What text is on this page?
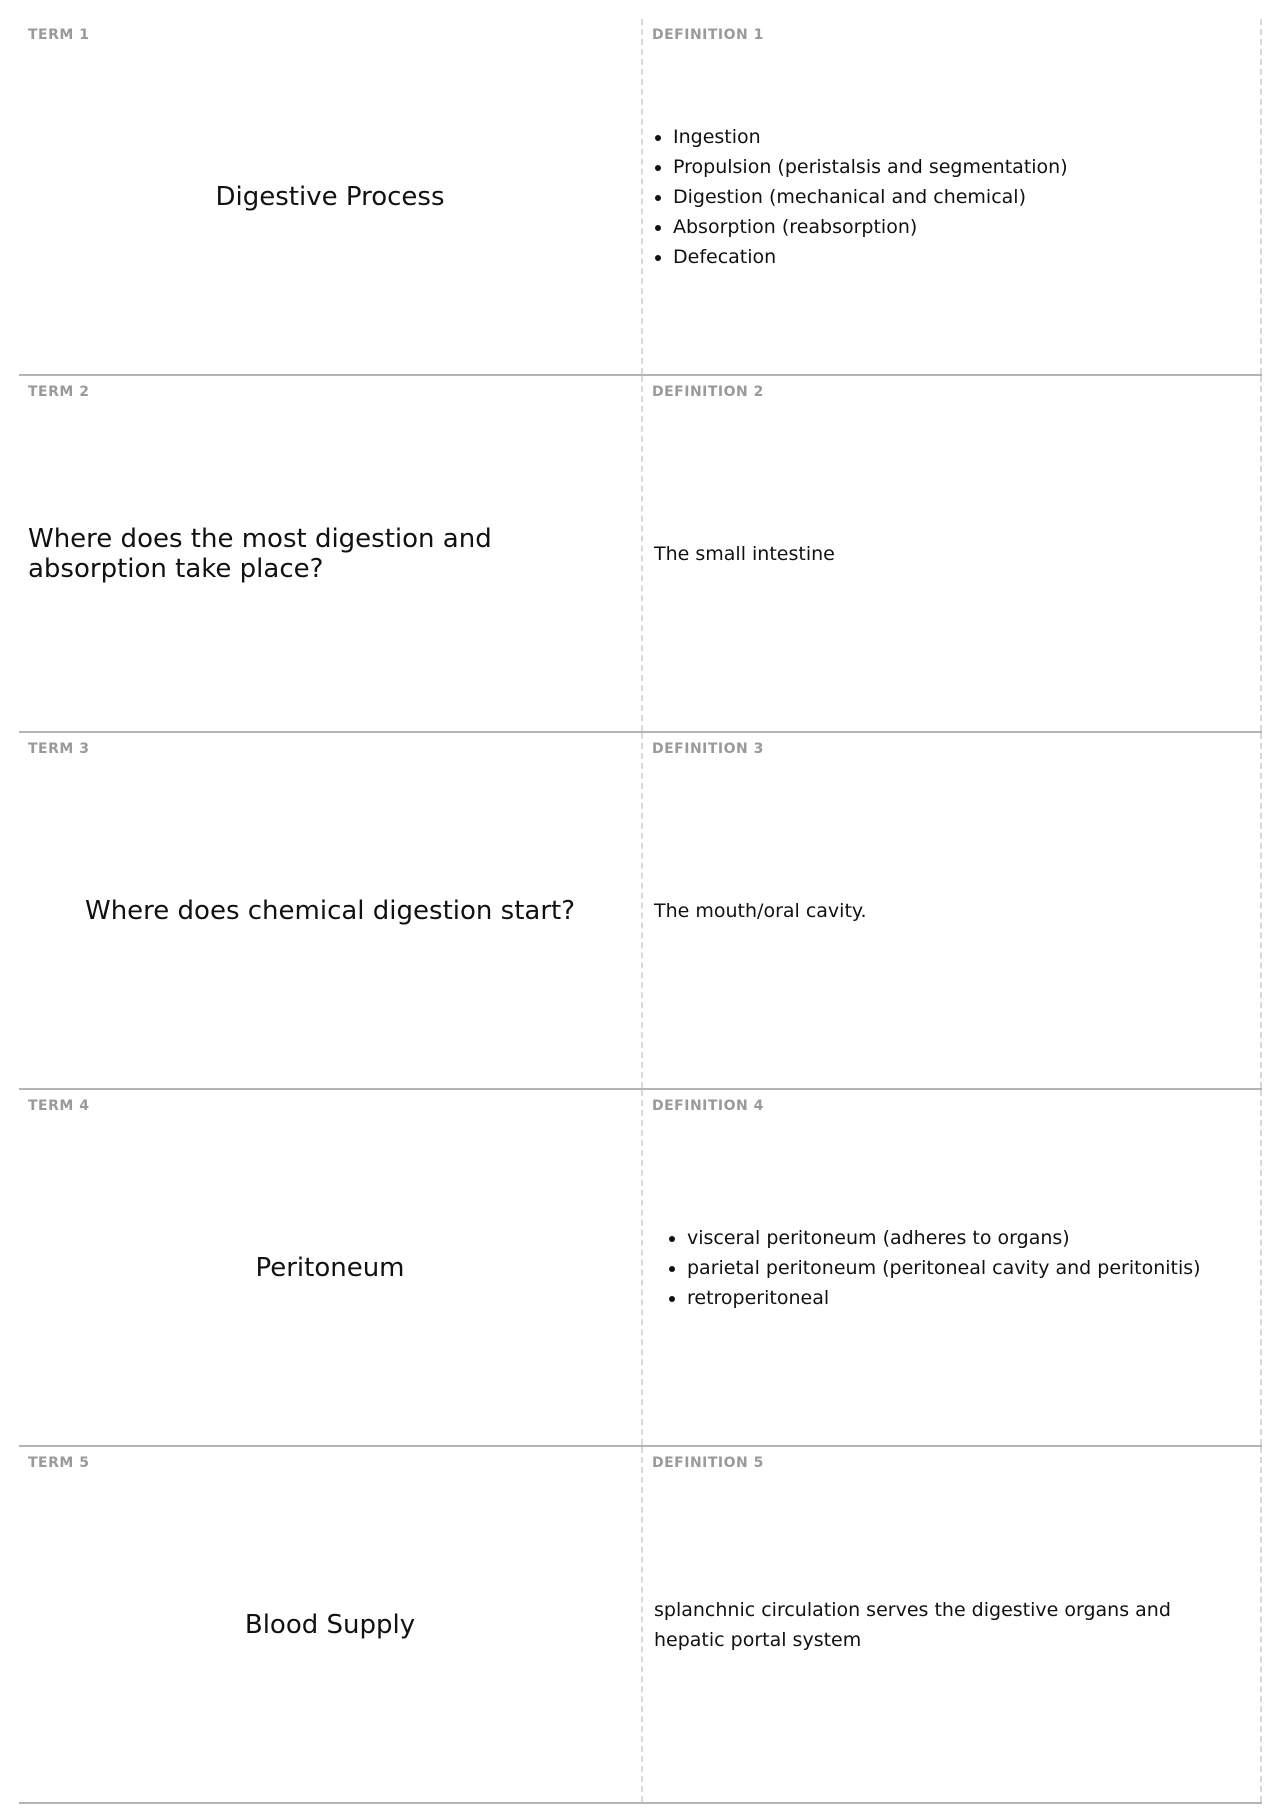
TERM 1
Digestive Process
DEFINITION 1
• Ingestion
• Propulsion (peristalsis and segmentation)
• Digestion (mechanical and chemical)
• Absorption (reabsorption)
• Defecation
TERM 2
Where does the most digestion and absorption take place?
DEFINITION 2
The small intestine
TERM 3
Where does chemical digestion start?
DEFINITION 3
The mouth/oral cavity.
TERM 4
Peritoneum
DEFINITION 4
• visceral peritoneum (adheres to organs)
• parietal peritoneum (peritoneal cavity and peritonitis)
• retroperitoneal
TERM 5
Blood Supply
DEFINITION 5
splanchnic circulation serves the digestive organs and hepatic portal system
